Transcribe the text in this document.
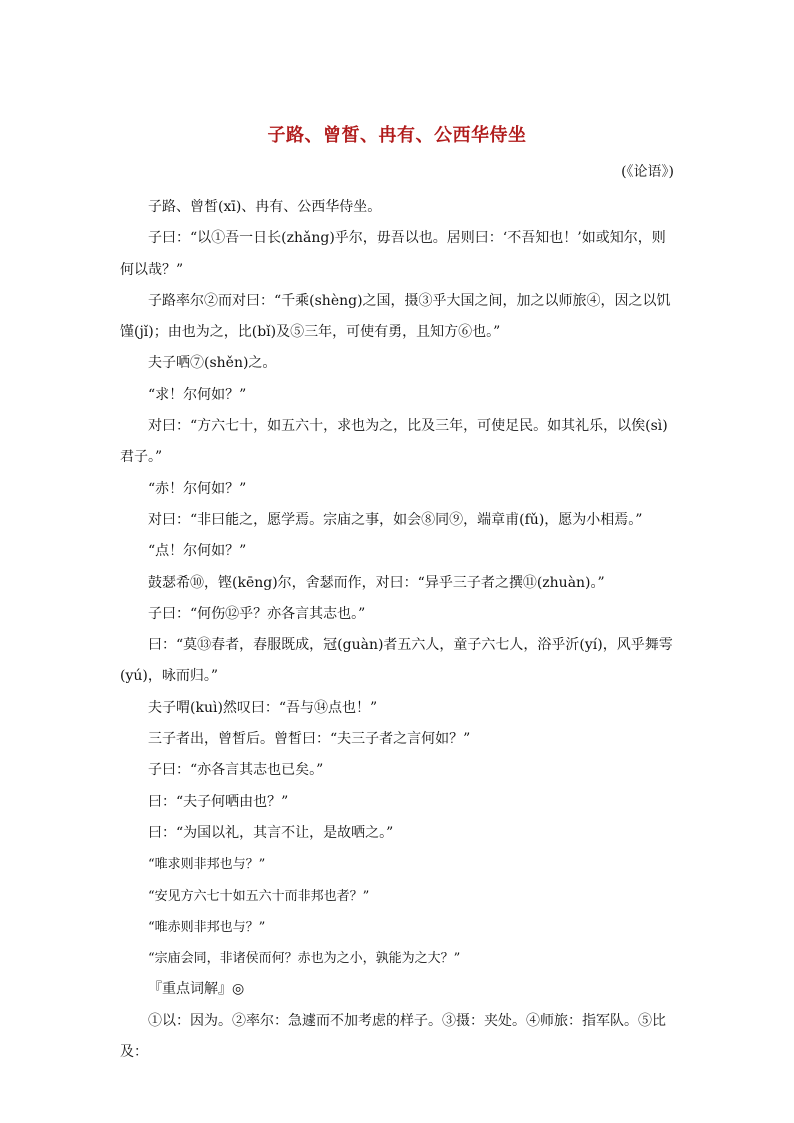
子路、曾皙、冉有、公西华侍坐
(《论语》)
子路、曾皙(xī)、冉有、公西华侍坐。
子曰：“以①吾一日长(zhǎng)乎尔，毋吾以也。居则曰：‘不吾知也！’如或知尔，则何以哉？”
子路率尔②而对曰：“千乘(shèng)之国，摄③乎大国之间，加之以师旅④，因之以饥馑(jǐ)；由也为之，比(bǐ)及⑤三年，可使有勇，且知方⑥也。”
夫子哂⑦(shěn)之。
“求！尔何如？”
对曰：“方六七十，如五六十，求也为之，比及三年，可使足民。如其礼乐，以俟(sì)君子。”
“赤！尔何如？”
对曰：“非曰能之，愿学焉。宗庙之事，如会⑧同⑨，端章甫(fǔ)，愿为小相焉。”
“点！尔何如？”
鼓瑟希⑩，铿(kēng)尔，舍瑟而作，对曰：“异乎三子者之撰⑪(zhuàn)。”
子曰：“何伤⑫乎？亦各言其志也。”
曰：“莫⑬春者，春服既成，冠(guàn)者五六人，童子六七人，浴乎沂(yí)，风乎舞雩(yú)，咏而归。”
夫子喟(kuì)然叹曰：“吾与⑭点也！”
三子者出，曾皙后。曾皙曰：“夫三子者之言何如？”
子曰：“亦各言其志也已矣。”
曰：“夫子何哂由也？”
曰：“为国以礼，其言不让，是故哂之。”
“唯求则非邦也与？”
“安见方六七十如五六十而非邦也者？”
“唯赤则非邦也与？”
“宗庙会同，非诸侯而何？赤也为之小，孰能为之大？”
『重点词解』◎
①以：因为。②率尔：急遽而不加考虑的样子。③摄：夹处。④师旅：指军队。⑤比及：
